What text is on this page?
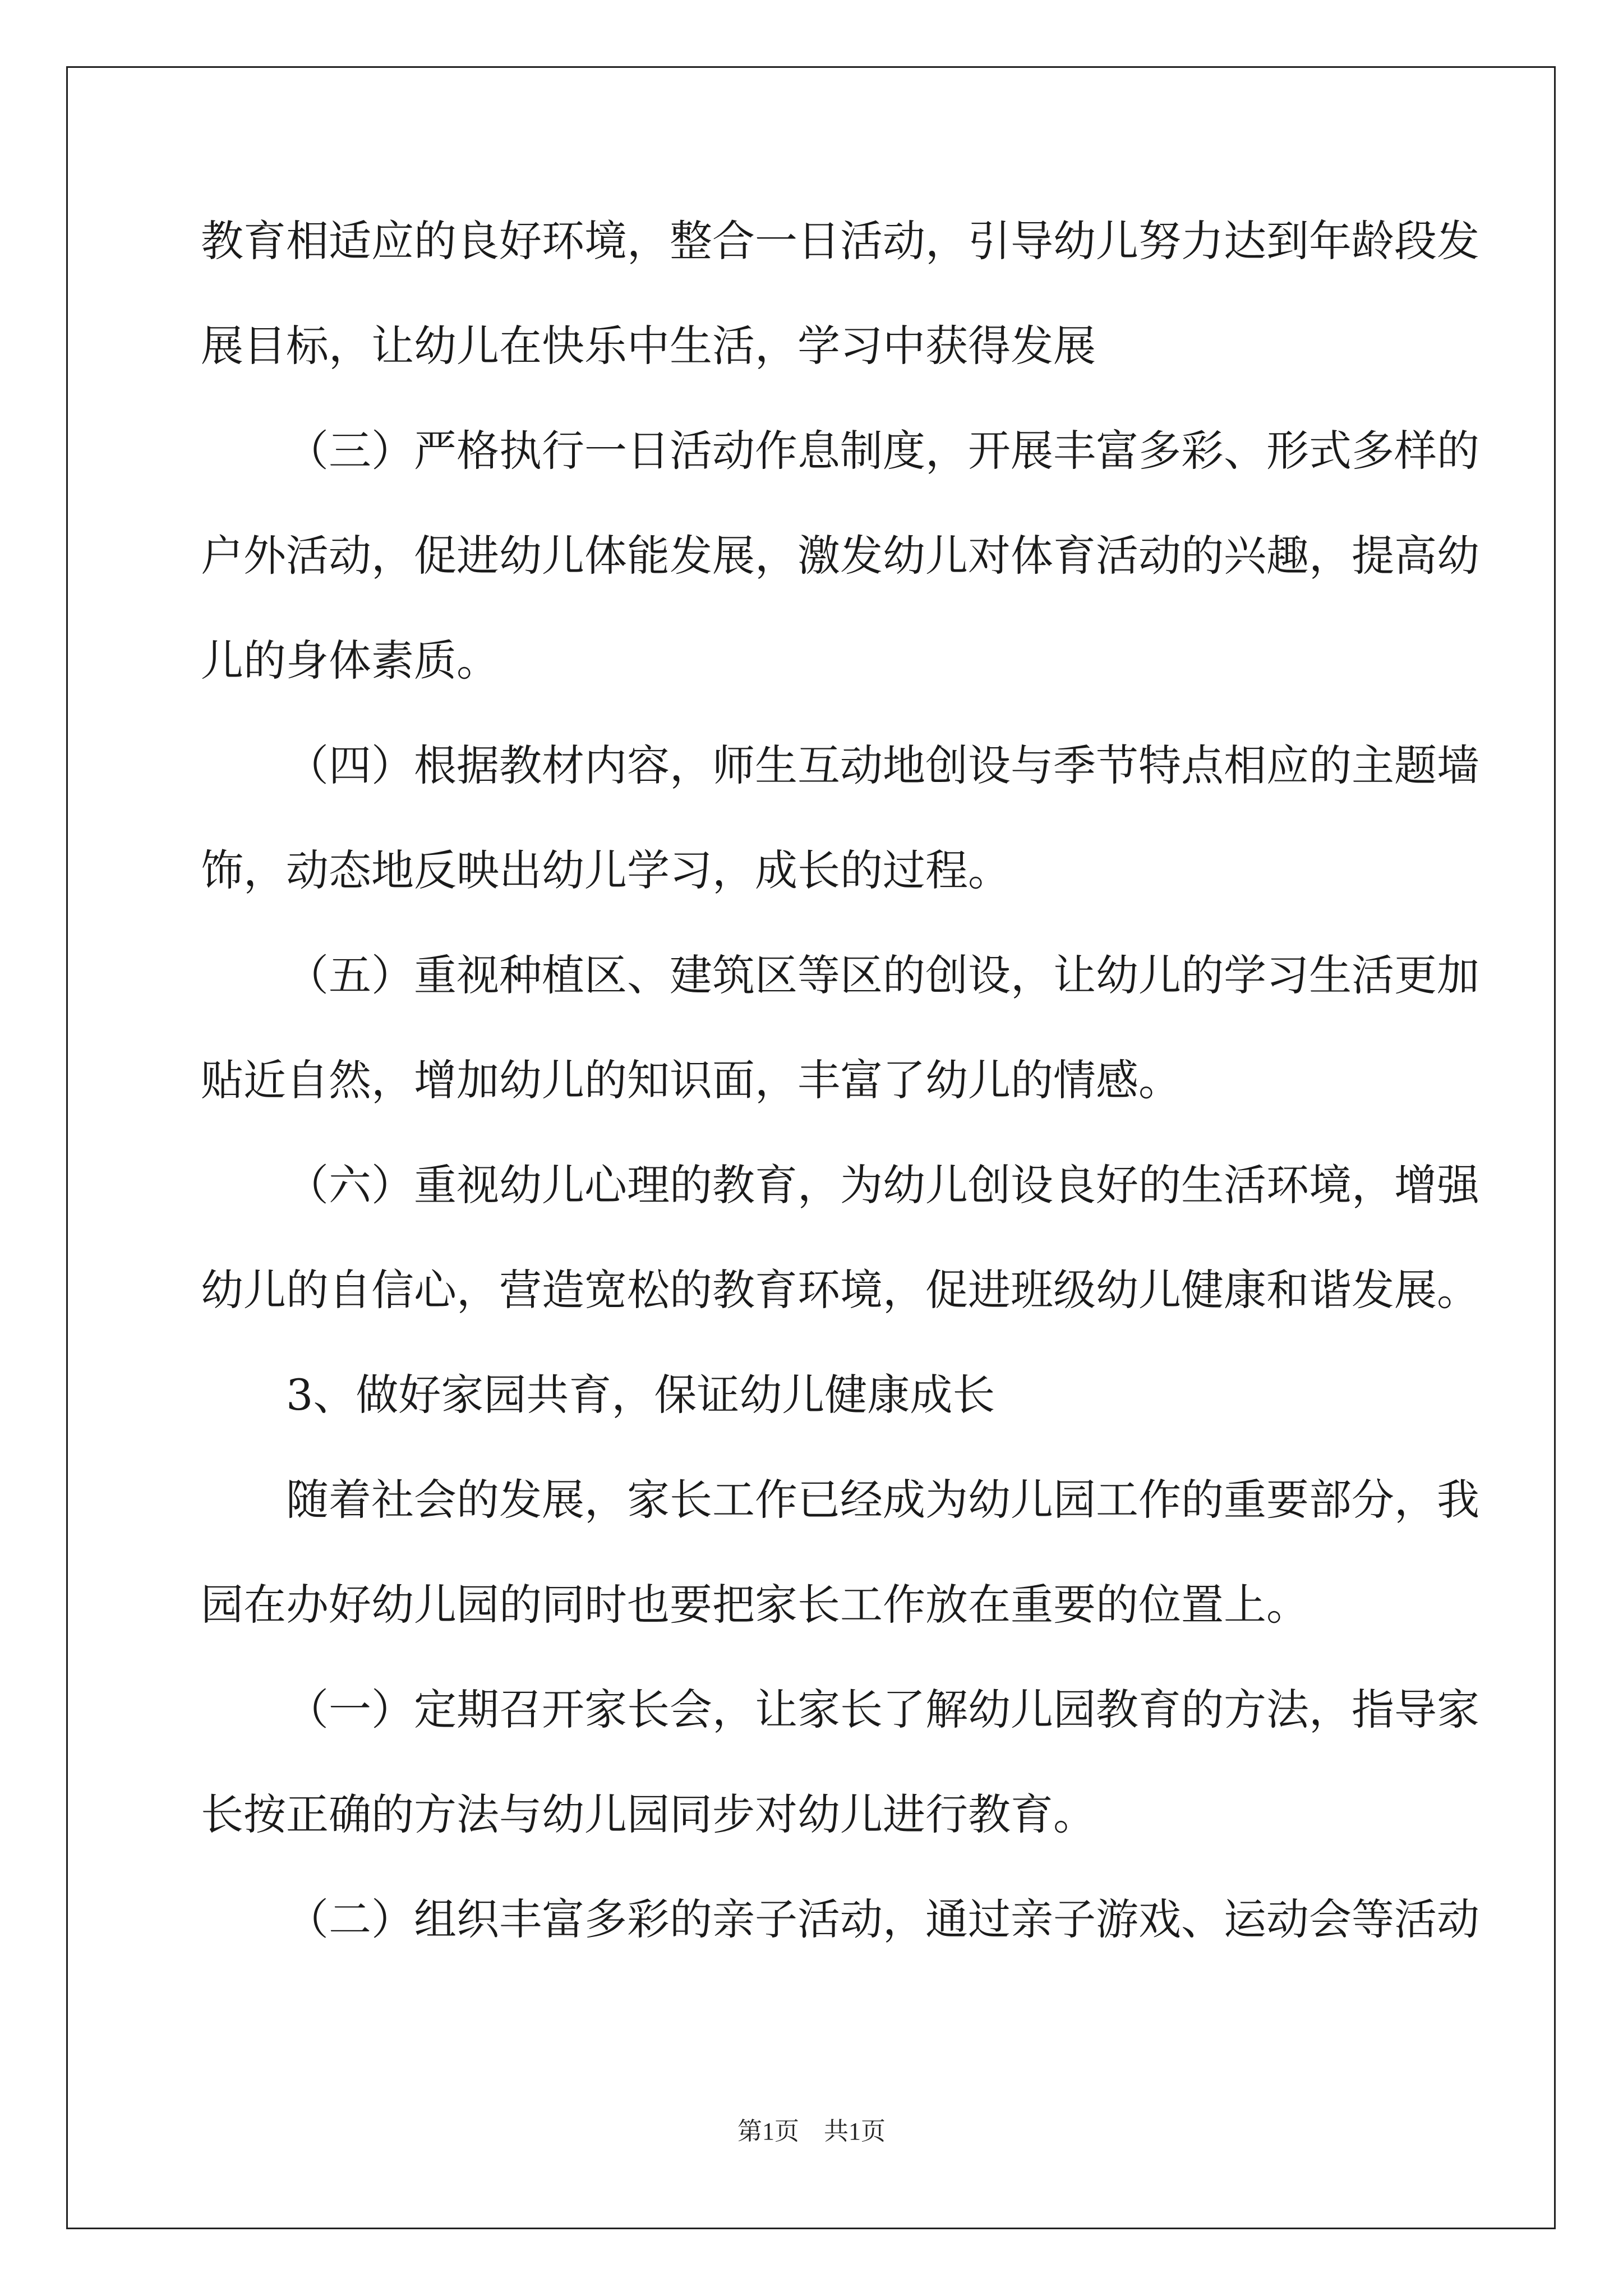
教育相适应的良好环境，整合一日活动，引导幼儿努力达到年龄段发
展目标，让幼儿在快乐中生活，学习中获得发展
（三）严格执行一日活动作息制度，开展丰富多彩、形式多样的
户外活动，促进幼儿体能发展，激发幼儿对体育活动的兴趣，提高幼
儿的身体素质。
（四）根据教材内容，师生互动地创设与季节特点相应的主题墙
饰，动态地反映出幼儿学习，成长的过程。
（五）重视种植区、建筑区等区的创设，让幼儿的学习生活更加
贴近自然，增加幼儿的知识面，丰富了幼儿的情感。
（六）重视幼儿心理的教育，为幼儿创设良好的生活环境，增强
幼儿的自信心，营造宽松的教育环境，促进班级幼儿健康和谐发展。
3、做好家园共育，保证幼儿健康成长
随着社会的发展，家长工作已经成为幼儿园工作的重要部分，我
园在办好幼儿园的同时也要把家长工作放在重要的位置上。
（一）定期召开家长会，让家长了解幼儿园教育的方法，指导家
长按正确的方法与幼儿园同步对幼儿进行教育。
（二）组织丰富多彩的亲子活动，通过亲子游戏、运动会等活动
第1页　共1页
